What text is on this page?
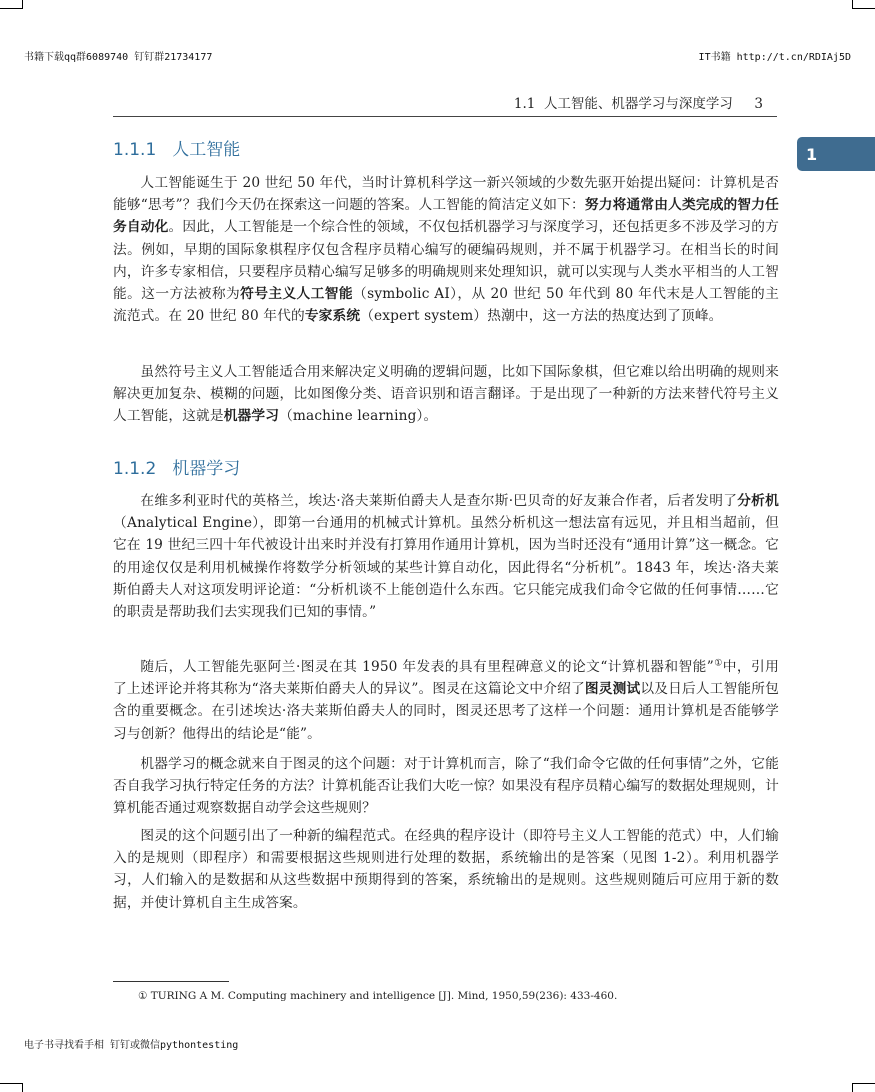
书籍下载qq群6089740 钉钉群21734177	IT书籍 http://t.cn/RDIAj5D
电子书寻找看手相 钉钉或微信pythontesting
1.1 人工智能、机器学习与深度学习 3
1
1.1.1 人工智能

人工智能诞生于 20 世纪 50 年代，当时计算机科学这一新兴领域的少数先驱开始提出疑问：计算机是否能够“思考”？我们今天仍在探索这一问题的答案。人工智能的简洁定义如下：努力将通常由人类完成的智力任务自动化。因此，人工智能是一个综合性的领域，不仅包括机器学习与深度学习，还包括更多不涉及学习的方法。例如，早期的国际象棋程序仅包含程序员精心编写的硬编码规则，并不属于机器学习。在相当长的时间内，许多专家相信，只要程序员精心编写足够多的明确规则来处理知识，就可以实现与人类水平相当的人工智能。这一方法被称为符号主义人工智能（symbolic AI），从 20 世纪 50 年代到 80 年代末是人工智能的主流范式。在 20 世纪 80 年代的专家系统（expert system）热潮中，这一方法的热度达到了顶峰。

虽然符号主义人工智能适合用来解决定义明确的逻辑问题，比如下国际象棋，但它难以给出明确的规则来解决更加复杂、模糊的问题，比如图像分类、语音识别和语言翻译。于是出现了一种新的方法来替代符号主义人工智能，这就是机器学习（machine learning）。

1.1.2 机器学习

在维多利亚时代的英格兰，埃达·洛夫莱斯伯爵夫人是查尔斯·巴贝奇的好友兼合作者，后者发明了分析机（Analytical Engine），即第一台通用的机械式计算机。虽然分析机这一想法富有远见，并且相当超前，但它在 19 世纪三四十年代被设计出来时并没有打算用作通用计算机，因为当时还没有“通用计算”这一概念。它的用途仅仅是利用机械操作将数学分析领域的某些计算自动化，因此得名“分析机”。1843 年，埃达·洛夫莱斯伯爵夫人对这项发明评论道：“分析机谈不上能创造什么东西。它只能完成我们命令它做的任何事情……它的职责是帮助我们去实现我们已知的事情。”

随后，人工智能先驱阿兰·图灵在其 1950 年发表的具有里程碑意义的论文“计算机器和智能”①中，引用了上述评论并将其称为“洛夫莱斯伯爵夫人的异议”。图灵在这篇论文中介绍了图灵测试以及日后人工智能所包含的重要概念。在引述埃达·洛夫莱斯伯爵夫人的同时，图灵还思考了这样一个问题：通用计算机是否能够学习与创新？他得出的结论是“能”。

机器学习的概念就来自于图灵的这个问题：对于计算机而言，除了“我们命令它做的任何事情”之外，它能否自我学习执行特定任务的方法？计算机能否让我们大吃一惊？如果没有程序员精心编写的数据处理规则，计算机能否通过观察数据自动学会这些规则？

图灵的这个问题引出了一种新的编程范式。在经典的程序设计（即符号主义人工智能的范式）中，人们输入的是规则（即程序）和需要根据这些规则进行处理的数据，系统输出的是答案（见图 1-2）。利用机器学习，人们输入的是数据和从这些数据中预期得到的答案，系统输出的是规则。这些规则随后可应用于新的数据，并使计算机自主生成答案。

① TURING A M. Computing machinery and intelligence [J]. Mind, 1950,59(236): 433-460.
